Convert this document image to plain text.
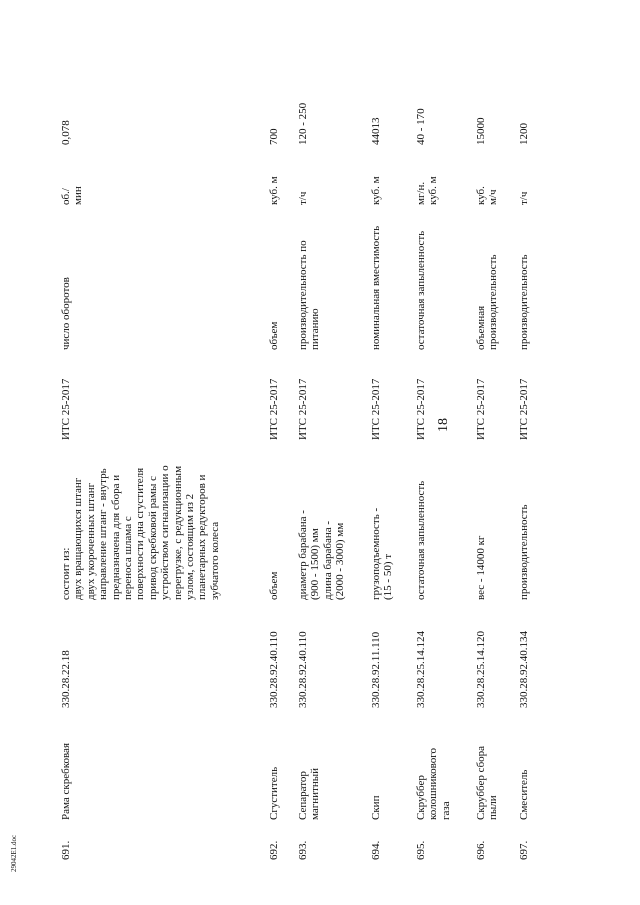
18
29042E1.doc	691.
Рама скребковая
330.28.22.18
состоит из:
двух вращающихся штанг
двух укороченных штанг
направление штанг - внутрь
предназначена для сбора и
переноса шлама с
поверхности дна сгустителя
привод скребковой рамы с
устройством сигнализации о
перегрузке, с редукционным
узлом, состоящим из 2
планетарных редукторов и
зубчатого колеса
ИТС 25-2017
число оборотов
об./
мин
0,078
692.
Сгуститель
330.28.92.40.110
объем
ИТС 25-2017
объем
куб. м
700
693.
Сепаратор
магнитный
330.28.92.40.110
диаметр барабана -
(900 - 1500) мм
длина барабана -
(2000 - 3000) мм
ИТС 25-2017
производительность по
питанию
т/ч
120 - 250
694.
Скип
330.28.92.11.110
грузоподъемность -
(15 - 50) т
ИТС 25-2017
номинальная вместимость
куб. м
44013
695.
Скруббер
колошникового
газа
330.28.25.14.124
остаточная запыленность
ИТС 25-2017
остаточная запыленность
мг/н.
куб. м
40 - 170
696.
Скруббер сбора
пыли
330.28.25.14.120
вес - 14000 кг
ИТС 25-2017
объемная
производительность
куб.
м/ч
15000
697.
Смеситель
330.28.92.40.134
производительность
ИТС 25-2017
производительность
т/ч
1200
